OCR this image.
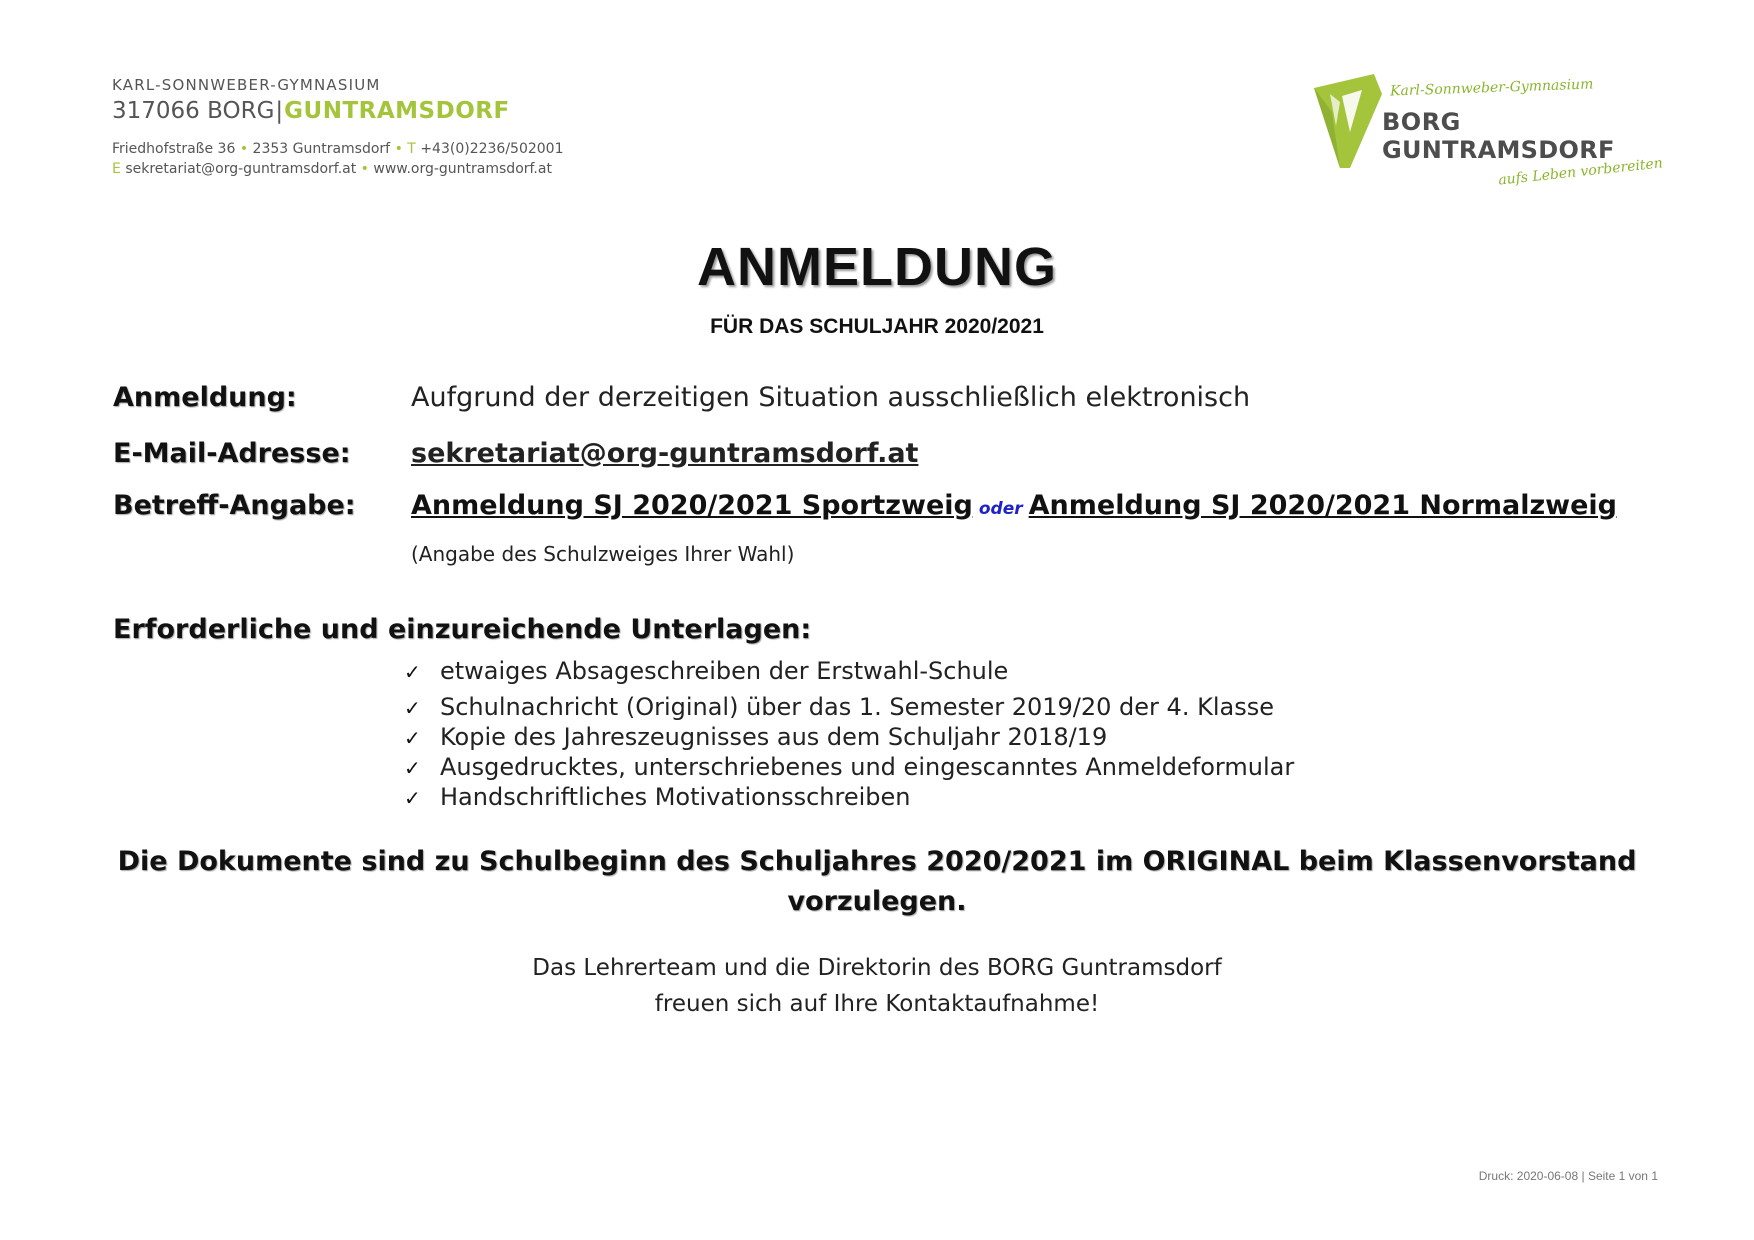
KARL-SONNWEBER-GYMNASIUM
317066 BORG|GUNTRAMSDORF
Friedhofstraße 36 • 2353 Guntramsdorf • T +43(0)2236/502001
E sekretariat@org-guntramsdorf.at • www.org-guntramsdorf.at
Karl-Sonnweber-Gymnasium
BORG
GUNTRAMSDORF
aufs Leben vorbereiten
ANMELDUNG
FÜR DAS SCHULJAHR 2020/2021
Anmeldung:	Aufgrund der derzeitigen Situation ausschließlich elektronisch
E-Mail-Adresse: sekretariat@org-guntramsdorf.at
Betreff-Angabe: Anmeldung SJ 2020/2021 Sportzweig oder Anmeldung SJ 2020/2021 Normalzweig
(Angabe des Schulzweiges Ihrer Wahl)
Erforderliche und einzureichende Unterlagen:
✓ etwaiges Absageschreiben der Erstwahl-Schule
✓ Schulnachricht (Original) über das 1. Semester 2019/20 der 4. Klasse
✓ Kopie des Jahreszeugnisses aus dem Schuljahr 2018/19
✓ Ausgedrucktes, unterschriebenes und eingescanntes Anmeldeformular
✓ Handschriftliches Motivationsschreiben
Die Dokumente sind zu Schulbeginn des Schuljahres 2020/2021 im ORIGINAL beim Klassenvorstand
vorzulegen.
Das Lehrerteam und die Direktorin des BORG Guntramsdorf
freuen sich auf Ihre Kontaktaufnahme!
Druck: 2020-06-08 | Seite 1 von 1
